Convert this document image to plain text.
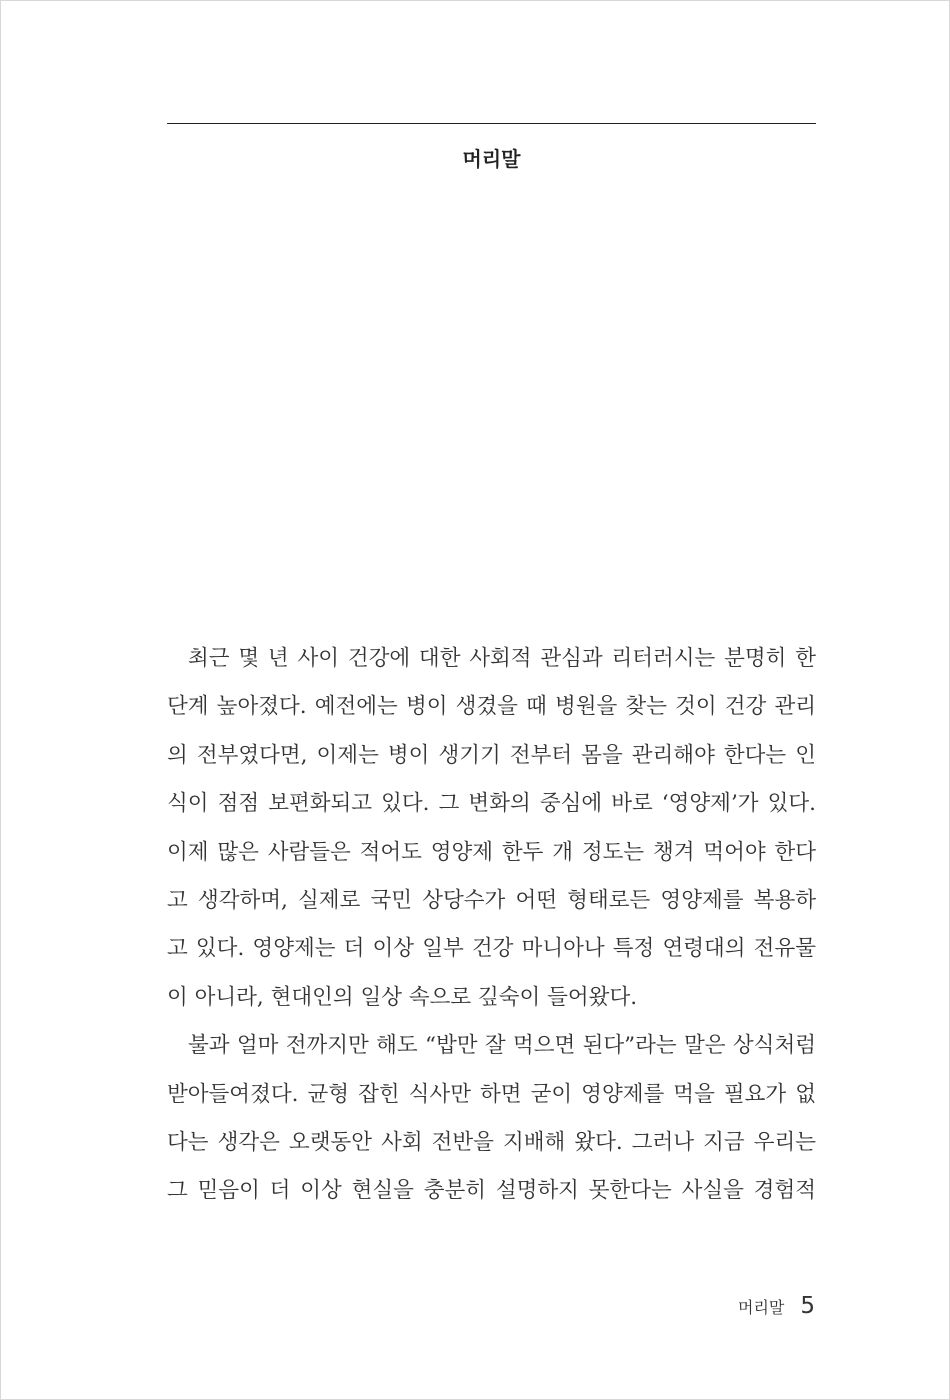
머리말
최근 몇 년 사이 건강에 대한 사회적 관심과 리터러시는 분명히 한
단계 높아졌다. 예전에는 병이 생겼을 때 병원을 찾는 것이 건강 관리
의 전부였다면, 이제는 병이 생기기 전부터 몸을 관리해야 한다는 인
식이 점점 보편화되고 있다. 그 변화의 중심에 바로 ‘영양제’가 있다.
이제 많은 사람들은 적어도 영양제 한두 개 정도는 챙겨 먹어야 한다
고 생각하며, 실제로 국민 상당수가 어떤 형태로든 영양제를 복용하
고 있다. 영양제는 더 이상 일부 건강 마니아나 특정 연령대의 전유물
이 아니라, 현대인의 일상 속으로 깊숙이 들어왔다.
불과 얼마 전까지만 해도 “밥만 잘 먹으면 된다”라는 말은 상식처럼
받아들여졌다. 균형 잡힌 식사만 하면 굳이 영양제를 먹을 필요가 없
다는 생각은 오랫동안 사회 전반을 지배해 왔다. 그러나 지금 우리는
그 믿음이 더 이상 현실을 충분히 설명하지 못한다는 사실을 경험적
머리말 5
